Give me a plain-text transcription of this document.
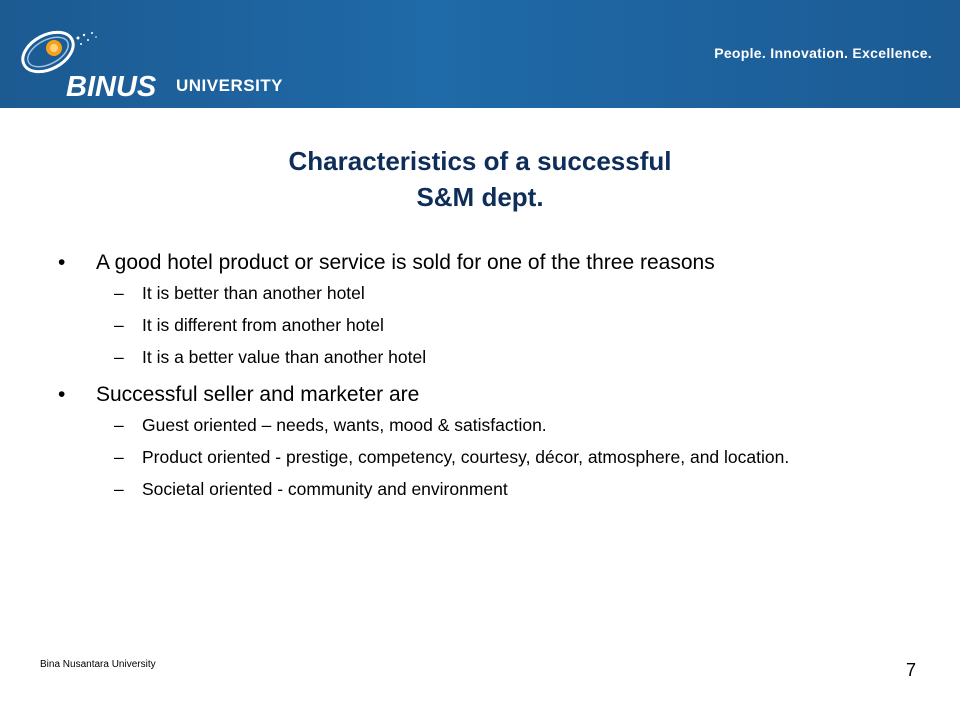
BINUS UNIVERSITY
People. Innovation. Excellence.
Characteristics of a successful
S&M dept.
• A good hotel product or service is sold for one of the three reasons
– It is better than another hotel
– It is different from another hotel
– It is a better value than another hotel
• Successful seller and marketer are
– Guest oriented – needs, wants, mood & satisfaction.
– Product oriented - prestige, competency, courtesy, décor, atmosphere, and location.
– Societal oriented - community and environment
Bina Nusantara University	7
